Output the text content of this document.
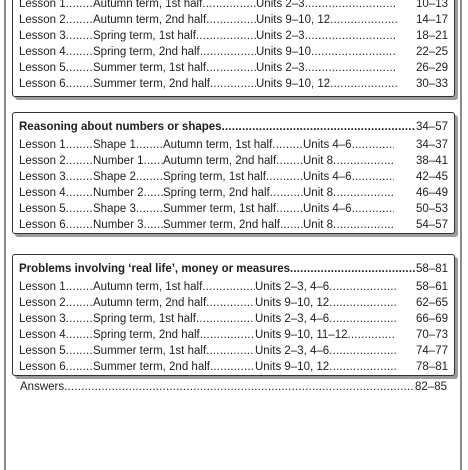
Lesson 1 ..... Autumn term, 1st half .....	Units 2–3 .....	10–13
Lesson 2 ..... Autumn term, 2nd half .....	Units 9–10, 12 .....	14–17
Lesson 3 ..... Spring term, 1st half .....	Units 2–3 .....	18–21
Lesson 4 ..... Spring term, 2nd half .....	Units 9–10 .....	22–25
Lesson 5 ..... Summer term, 1st half .....	Units 2–3 .....	26–29
Lesson 6 ..... Summer term, 2nd half .....	Units 9–10, 12 .....	30–33
Reasoning about numbers or shapes .....	34–57
Lesson 1 ..... Shape 1 ..... Autumn term, 1st half .....	Units 4–6 .....	34–37
Lesson 2 ..... Number 1 ..... Autumn term, 2nd half ..... Unit 8 .....	38–41
Lesson 3 ..... Shape 2 ..... Spring term, 1st half .....	Units 4–6 .....	42–45
Lesson 4 ..... Number 2 ..... Spring term, 2nd half .....	Unit 8 .....	46–49
Lesson 5 ..... Shape 3 ..... Summer term, 1st half ..... Units 4–6 .....	50–53
Lesson 6 ..... Number 3 ..... Summer term, 2nd half ..... Unit 8 .....	54–57
Problems involving ‘real life’, money or measures .....	58–81
Lesson 1 ..... Autumn term, 1st half .....	Units 2–3, 4–6 .....	58–61
Lesson 2 ..... Autumn term, 2nd half .....	Units 9–10, 12 .....	62–65
Lesson 3 ..... Spring term, 1st half .....	Units 2–3, 4–6 .....	66–69
Lesson 4 ..... Spring term, 2nd half .....	Units 9–10, 11–12 .....	70–73
Lesson 5 ..... Summer term, 1st half .....	Units 2–3, 4–6 .....	74–77
Lesson 6 ..... Summer term, 2nd half .....	Units 9–10, 12 .....	78–81
Answers .....	82–85
